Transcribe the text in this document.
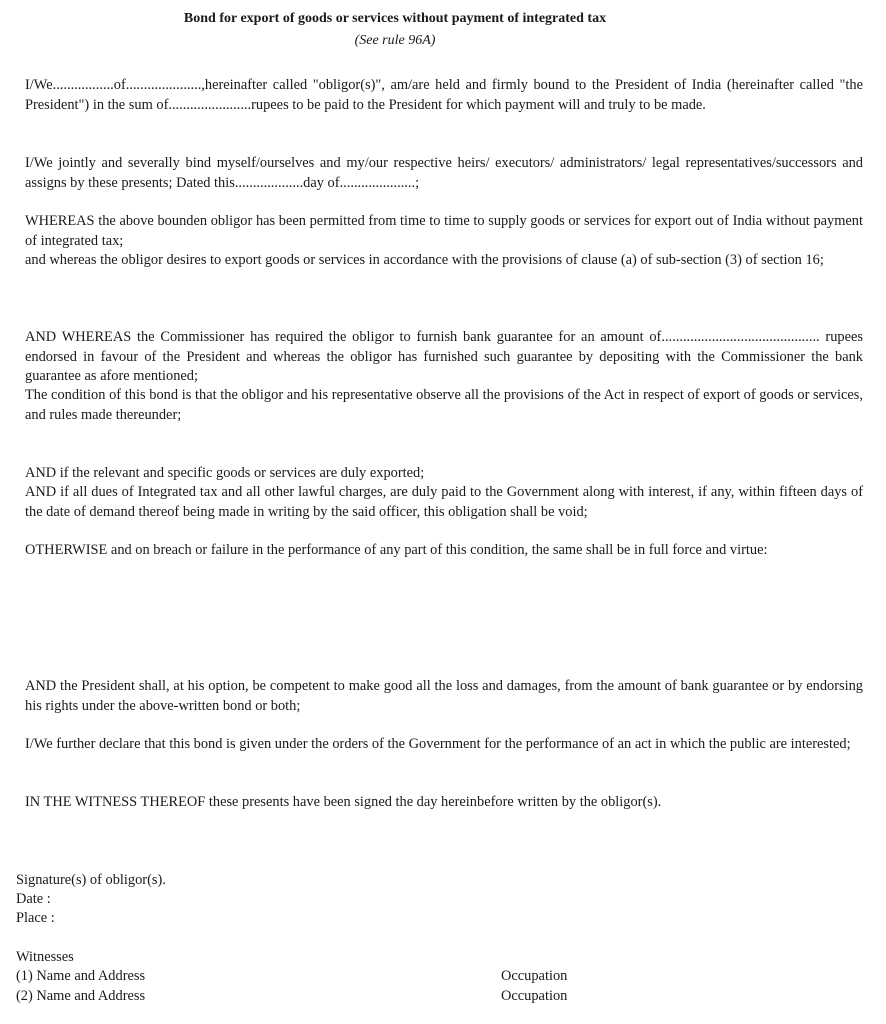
Bond for export of goods or services without payment of integrated tax
(See rule 96A)

I/We.................of.....................,hereinafter called "obligor(s)", am/are held and firmly bound to the President of India (hereinafter called "the President") in the sum of.......................rupees to be paid to the President for which payment will and truly to be made.

I/We jointly and severally bind myself/ourselves and my/our respective heirs/ executors/ administrators/ legal representatives/successors and assigns by these presents; Dated this...................day of.....................;

WHEREAS the above bounden obligor has been permitted from time to time to supply goods or services for export out of India without payment of integrated tax;

and whereas the obligor desires to export goods or services in accordance with the provisions of clause (a) of sub-section (3) of section 16;

AND WHEREAS the Commissioner has required the obligor to furnish bank guarantee for an amount of............................................ rupees endorsed in favour of the President and whereas the obligor has furnished such guarantee by depositing with the Commissioner the bank guarantee as afore mentioned;

The condition of this bond is that the obligor and his representative observe all the provisions of the Act in respect of export of goods or services, and rules made thereunder;

AND if the relevant and specific goods or services are duly exported;

AND if all dues of Integrated tax and all other lawful charges, are duly paid to the Government along with interest, if any, within fifteen days of the date of demand thereof being made in writing by the said officer, this obligation shall be void;

OTHERWISE and on breach or failure in the performance of any part of this condition, the same shall be in full force and virtue:

AND the President shall, at his option, be competent to make good all the loss and damages, from the amount of bank guarantee or by endorsing his rights under the above-written bond or both;

I/We further declare that this bond is given under the orders of the Government for the performance of an act in which the public are interested;

IN THE WITNESS THEREOF these presents have been signed the day hereinbefore written by the obligor(s).

Signature(s) of obligor(s).
Date :
Place :
Witnesses
(1) Name and Address	Occupation
(2) Name and Address	Occupation
